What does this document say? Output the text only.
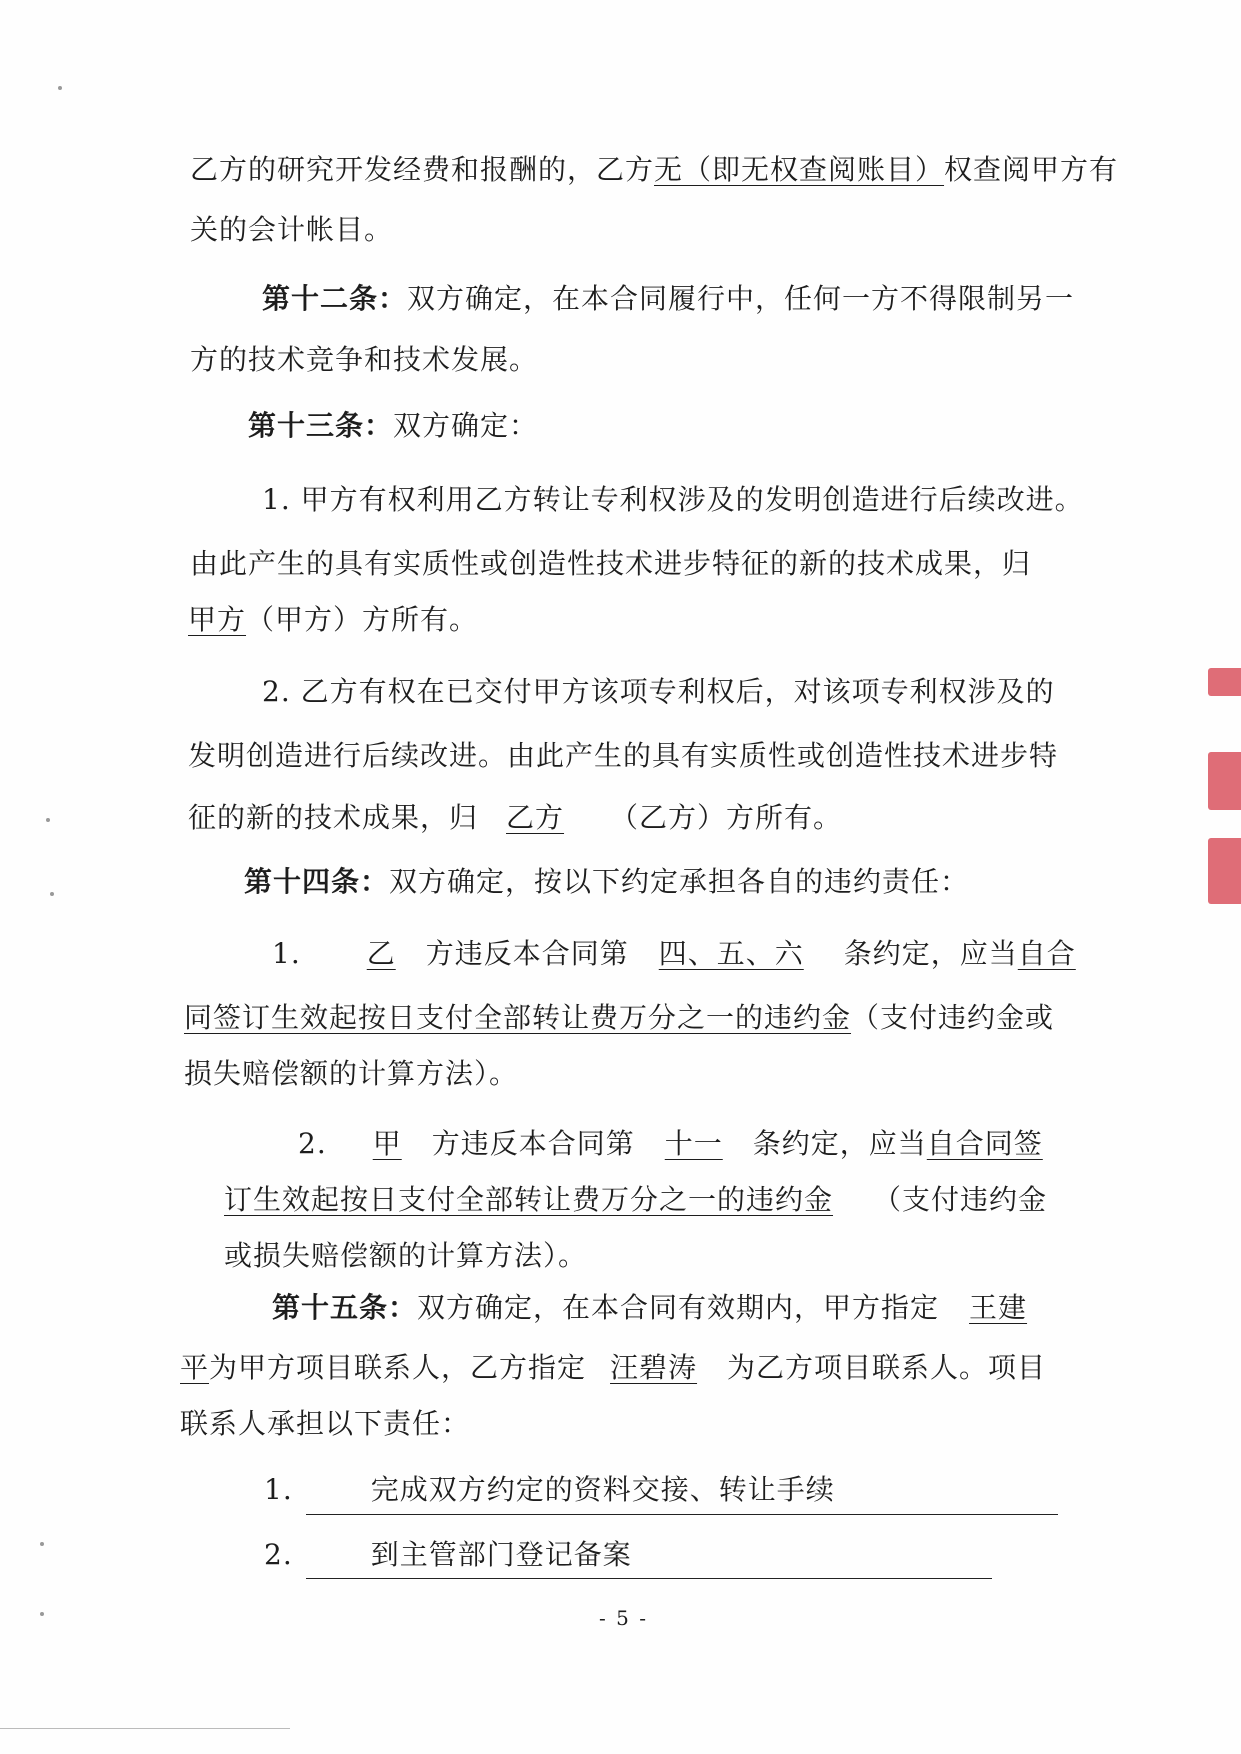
乙方的研究开发经费和报酬的，乙方无（即无权查阅账目）权查阅甲方有
关的会计帐目。
第十二条：双方确定，在本合同履行中，任何一方不得限制另一
方的技术竞争和技术发展。
第十三条：双方确定：
1. 甲方有权利用乙方转让专利权涉及的发明创造进行后续改进。
由此产生的具有实质性或创造性技术进步特征的新的技术成果，归
甲方（甲方）方所有。
2. 乙方有权在已交付甲方该项专利权后，对该项专利权涉及的
发明创造进行后续改进。由此产生的具有实质性或创造性技术进步特
征的新的技术成果，归 乙方 （乙方）方所有。
第十四条：双方确定，按以下约定承担各自的违约责任：
1. 乙 方违反本合同第 四、五、六 条约定，应当自合
同签订生效起按日支付全部转让费万分之一的违约金（支付违约金或
损失赔偿额的计算方法）。
2. 甲 方违反本合同第 十一 条约定，应当自合同签
订生效起按日支付全部转让费万分之一的违约金 （支付违约金
或损失赔偿额的计算方法）。
第十五条：双方确定，在本合同有效期内，甲方指定 王建
平为甲方项目联系人，乙方指定 汪碧涛 为乙方项目联系人。项目
联系人承担以下责任：
1.	完成双方约定的资料交接、转让手续
2.	到主管部门登记备案
- 5 -
